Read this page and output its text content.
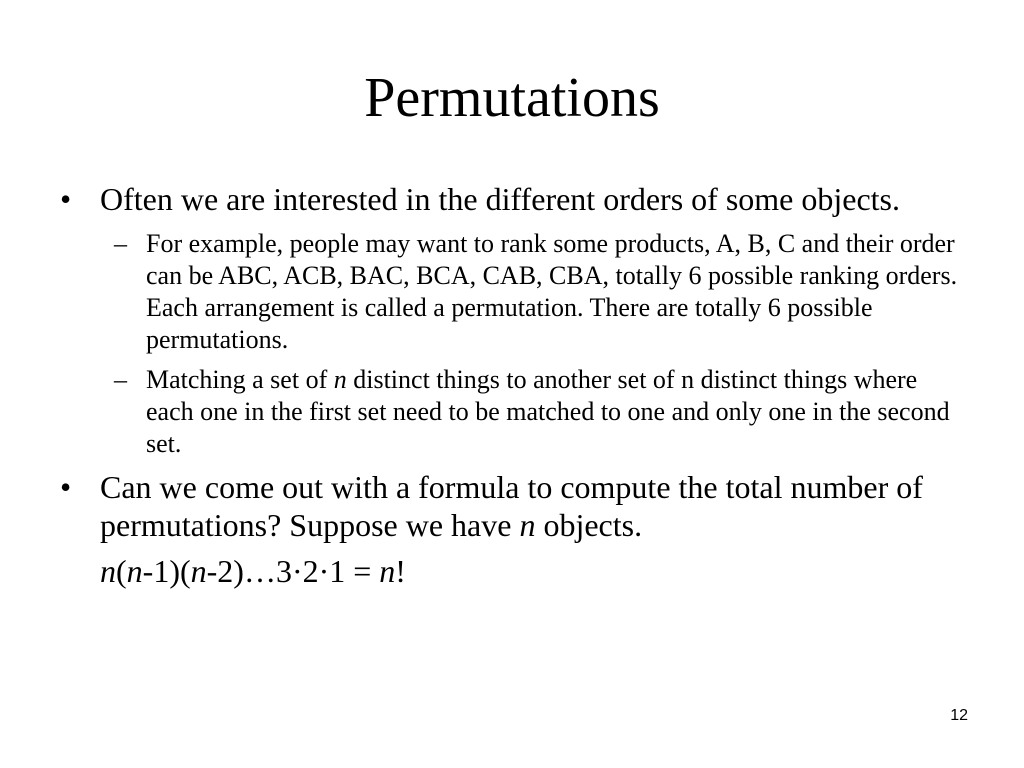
Permutations
• Often we are interested in the different orders of some objects.
– For example, people may want to rank some products, A, B, C and their order can be ABC, ACB, BAC, BCA, CAB, CBA, totally 6 possible ranking orders. Each arrangement is called a permutation. There are totally 6 possible permutations.
– Matching a set of n distinct things to another set of n distinct things where each one in the first set need to be matched to one and only one in the second set.
• Can we come out with a formula to compute the total number of permutations? Suppose we have n objects.
n(n-1)(n-2)…3·2·1 = n!
12
